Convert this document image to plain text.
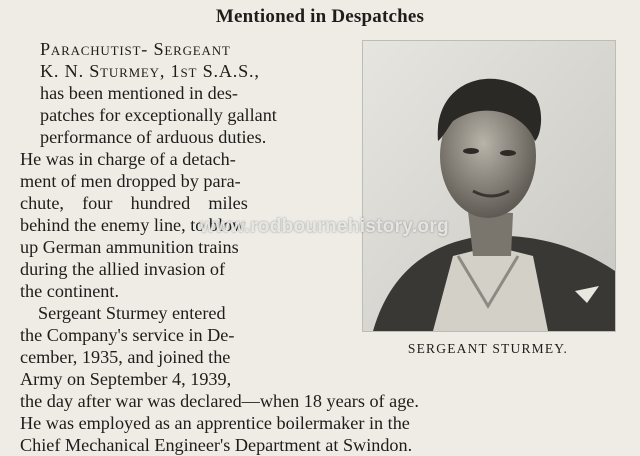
Mentioned in Despatches
Parachutist- Sergeant
K. N. Sturmey, 1st S.A.S.,
has been mentioned in des-
patches for exceptionally gallant
performance of arduous duties.
He was in charge of a detach-
ment of men dropped by para-
chute,    four    hundred    miles
behind the enemy line, to blow
up German ammunition trains
during the allied invasion of
the continent.
Sergeant Sturmey entered
the Company's service in De-
cember, 1935, and joined the
Army on September 4, 1939,
the day after war was declared—when 18 years of age.
He was employed as an apprentice boilermaker in the
Chief Mechanical Engineer's Department at Swindon.
SERGEANT STURMEY.
www.rodbournehistory.org
